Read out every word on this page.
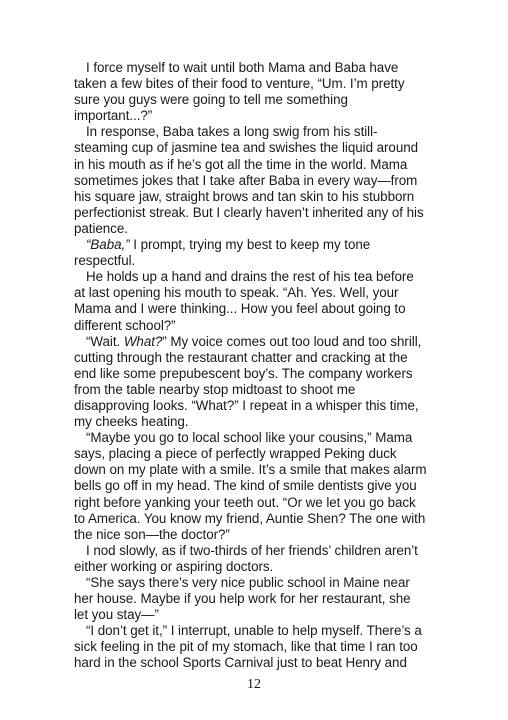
I force myself to wait until both Mama and Baba have
taken a few bites of their food to venture, “Um. I’m pretty
sure you guys were going to tell me something
important...?”

In response, Baba takes a long swig from his still-
steaming cup of jasmine tea and swishes the liquid around
in his mouth as if he’s got all the time in the world. Mama
sometimes jokes that I take after Baba in every way—from
his square jaw, straight brows and tan skin to his stubborn
perfectionist streak. But I clearly haven’t inherited any of his
patience.

“Baba,” I prompt, trying my best to keep my tone
respectful.

He holds up a hand and drains the rest of his tea before
at last opening his mouth to speak. “Ah. Yes. Well, your
Mama and I were thinking... How you feel about going to
different school?”

“Wait. What?” My voice comes out too loud and too shrill,
cutting through the restaurant chatter and cracking at the
end like some prepubescent boy’s. The company workers
from the table nearby stop midtoast to shoot me
disapproving looks. “What?” I repeat in a whisper this time,
my cheeks heating.

“Maybe you go to local school like your cousins,” Mama
says, placing a piece of perfectly wrapped Peking duck
down on my plate with a smile. It’s a smile that makes alarm
bells go off in my head. The kind of smile dentists give you
right before yanking your teeth out. “Or we let you go back
to America. You know my friend, Auntie Shen? The one with
the nice son—the doctor?”

I nod slowly, as if two-thirds of her friends’ children aren’t
either working or aspiring doctors.

“She says there’s very nice public school in Maine near
her house. Maybe if you help work for her restaurant, she
let you stay—”

“I don’t get it,” I interrupt, unable to help myself. There’s a
sick feeling in the pit of my stomach, like that time I ran too
hard in the school Sports Carnival just to beat Henry and

12
